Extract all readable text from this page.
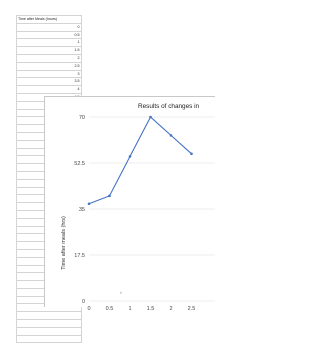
Time after Meals (hours)
0
0.5
1
1.5
2
2.5
3
3.5
4

0
17.5
35
52.5
70
0	0.5	1	1.5	2	2.5
Results of changes in
Time after meals (hrs)
t
